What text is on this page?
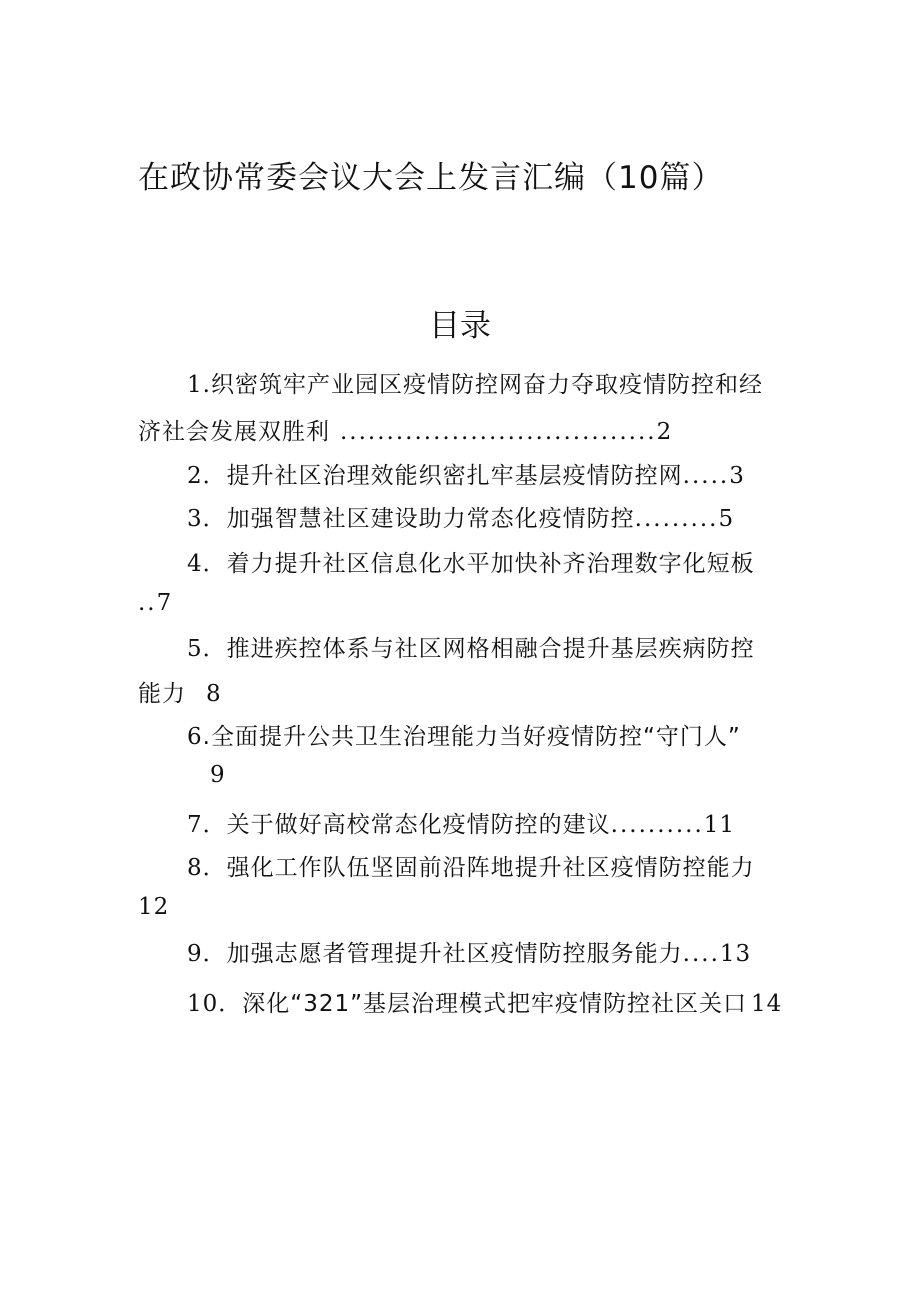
在政协常委会议大会上发言汇编（10篇）
目录
1.织密筑牢产业园区疫情防控网奋力夺取疫情防控和经
济社会发展双胜利 ..................................2
2．提升社区治理效能织密扎牢基层疫情防控网.....3
3．加强智慧社区建设助力常态化疫情防控.........5
4．着力提升社区信息化水平加快补齐治理数字化短板
..7
5．推进疾控体系与社区网格相融合提升基层疾病防控
能力 8
6.全面提升公共卫生治理能力当好疫情防控“守门人”
9
7．关于做好高校常态化疫情防控的建议..........11
8．强化工作队伍坚固前沿阵地提升社区疫情防控能力
12
9．加强志愿者管理提升社区疫情防控服务能力....13
10．深化“321”基层治理模式把牢疫情防控社区关口 14
